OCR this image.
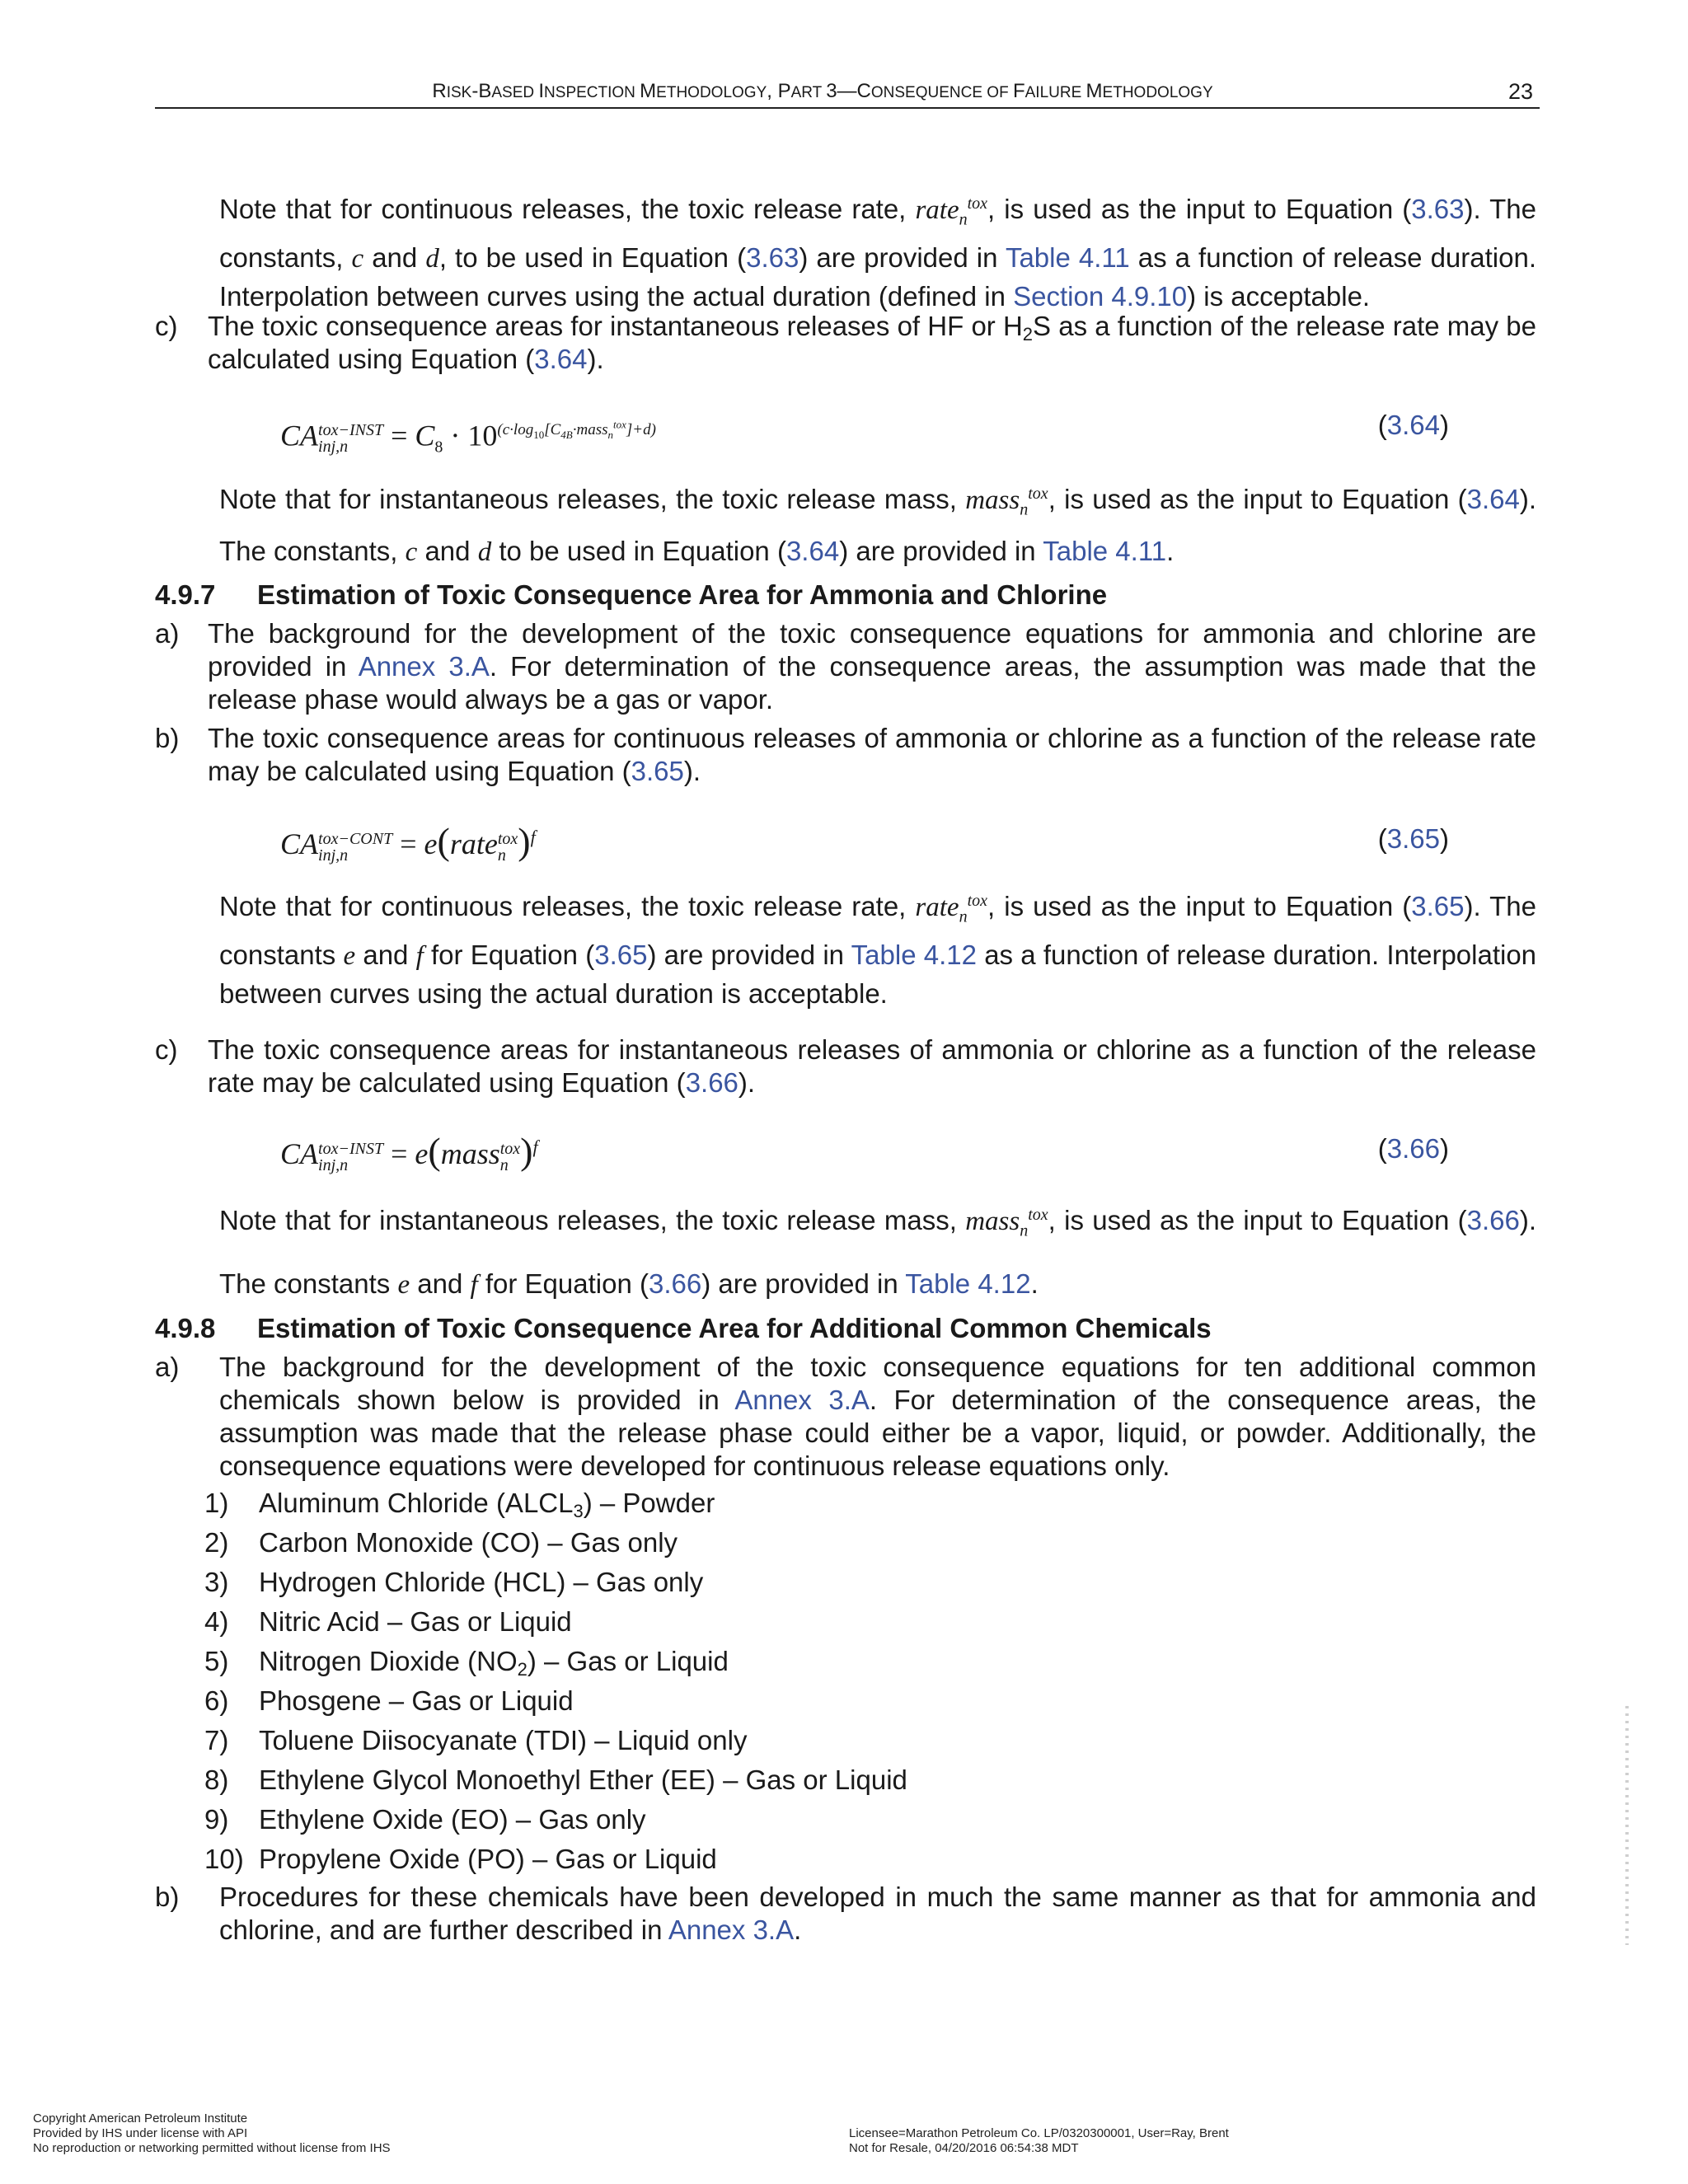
RISK-BASED INSPECTION METHODOLOGY, PART 3—CONSEQUENCE OF FAILURE METHODOLOGY	23
Note that for continuous releases, the toxic release rate, rate$_n^{tox}$, is used as the input to Equation (3.63). The constants, c and d, to be used in Equation (3.63) are provided in Table 4.11 as a function of release duration. Interpolation between curves using the actual duration (defined in Section 4.9.10) is acceptable.
c) The toxic consequence areas for instantaneous releases of HF or $H_2S$ as a function of the release rate may be calculated using Equation (3.64).
CA tox−INST
inj,n	= $C_8 \cdot 10^{(c\cdot log_{10}[C_{4B}\cdot mass_n^{tox}]+d)}$	(3.64)
Note that for instantaneous releases, the toxic release mass, mass$_n^{tox}$, is used as the input to Equation (3.64). The constants, c and d to be used in Equation (3.64) are provided in Table 4.11.
4.9.7 Estimation of Toxic Consequence Area for Ammonia and Chlorine
a) The background for the development of the toxic consequence equations for ammonia and chlorine are provided in Annex 3.A. For determination of the consequence areas, the assumption was made that the release phase would always be a gas or vapor.
b) The toxic consequence areas for continuous releases of ammonia or chlorine as a function of the release rate may be calculated using Equation (3.65).
CA tox−CONT
inj,n	= e(rate tox
n )$^f$	(3.65)
Note that for continuous releases, the toxic release rate, rate$_n^{tox}$, is used as the input to Equation (3.65). The constants e and f for Equation (3.65) are provided in Table 4.12 as a function of release duration. Interpolation between curves using the actual duration is acceptable.
c) The toxic consequence areas for instantaneous releases of ammonia or chlorine as a function of the release rate may be calculated using Equation (3.66).
CA tox−INST
inj,n	= e(mass tox
n )$^f$	(3.66)
Note that for instantaneous releases, the toxic release mass, mass$_n^{tox}$, is used as the input to Equation (3.66). The constants e and f for Equation (3.66) are provided in Table 4.12.
4.9.8 Estimation of Toxic Consequence Area for Additional Common Chemicals
a) The background for the development of the toxic consequence equations for ten additional common chemicals shown below is provided in Annex 3.A. For determination of the consequence areas, the assumption was made that the release phase could either be a vapor, liquid, or powder. Additionally, the consequence equations were developed for continuous release equations only.
1) Aluminum Chloride $(ALCL_3)$ – Powder
2) Carbon Monoxide (CO) – Gas only
3) Hydrogen Chloride (HCL) – Gas only
4) Nitric Acid – Gas or Liquid
5) Nitrogen Dioxide $(NO_2)$ – Gas or Liquid
6) Phosgene – Gas or Liquid
7) Toluene Diisocyanate (TDI) – Liquid only
8) Ethylene Glycol Monoethyl Ether (EE) – Gas or Liquid
9) Ethylene Oxide (EO) – Gas only
10) Propylene Oxide (PO) – Gas or Liquid
b) Procedures for these chemicals have been developed in much the same manner as that for ammonia and chlorine, and are further described in Annex 3.A.
Copyright American Petroleum Institute
Provided by IHS under license with API
No reproduction or networking permitted without license from IHS
Licensee=Marathon Petroleum Co. LP/0320300001, User=Ray, Brent
Not for Resale, 04/20/2016 06:54:38 MDT
